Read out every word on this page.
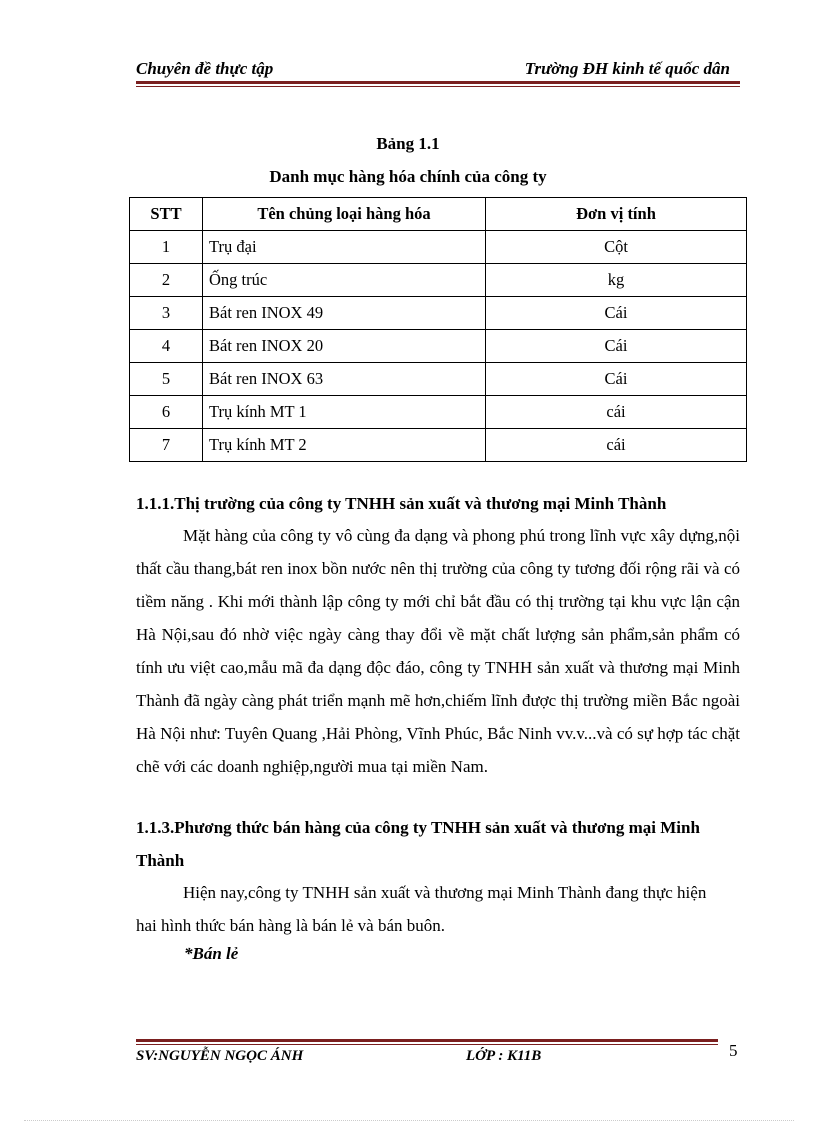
Chuyên đề thực tập	Trường ĐH kinh tế quốc dân
Bảng 1.1
Danh mục hàng hóa chính của công ty
STT	Tên chủng loại hàng hóa	Đơn vị tính
1	Trụ đại	Cột
2	Ống trúc	kg
3	Bát ren INOX 49	Cái
4	Bát ren INOX 20	Cái
5	Bát ren INOX 63	Cái
6	Trụ kính MT 1	cái
7	Trụ kính MT 2	cái
1.1.1.Thị trường của công ty TNHH sản xuất và thương mại Minh Thành
Mặt hàng của công ty vô cùng đa dạng và phong phú trong lĩnh vực xây dựng,nội thất cầu thang,bát ren inox bồn nước nên thị trường của công ty tương đối rộng rãi và có tiềm năng . Khi mới thành lập công ty mới chỉ bắt đầu có thị trường tại khu vực lận cận Hà Nội,sau đó nhờ việc ngày càng thay đổi về mặt chất lượng sản phẩm,sản phẩm có tính ưu việt cao,mẫu mã đa dạng độc đáo, công ty TNHH sản xuất và thương mại Minh Thành đã ngày càng phát triển mạnh mẽ hơn,chiếm lĩnh được thị trường miền Bắc ngoài Hà Nội như: Tuyên Quang ,Hải Phòng, Vĩnh Phúc, Bắc Ninh vv.v...và có sự hợp tác chặt chẽ với các doanh nghiệp,người mua tại miền Nam.
1.1.3.Phương thức bán hàng của công ty TNHH sản xuất và thương mại Minh Thành
Hiện nay,công ty TNHH sản xuất và thương mại Minh Thành đang thực hiện hai hình thức bán hàng là bán lẻ và bán buôn.
*Bán lẻ
SV:NGUYỄN NGỌC ÁNH	LỚP : K11B	5
